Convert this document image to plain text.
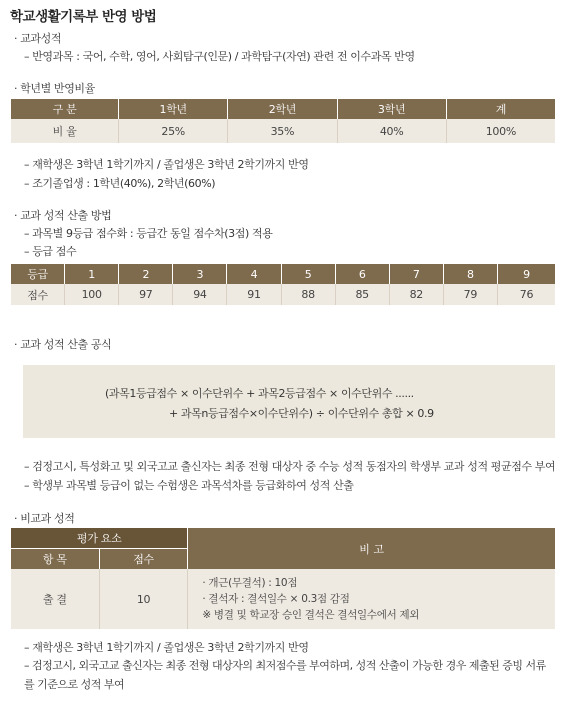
학교생활기록부 반영 방법
· 교과성적
– 반영과목 : 국어, 수학, 영어, 사회탐구(인문) / 과학탐구(자연) 관련 전 이수과목 반영
· 학년별 반영비율
구 분	1학년	2학년	3학년	계
비 율	25%	35%	40%	100%
– 재학생은 3학년 1학기까지 / 졸업생은 3학년 2학기까지 반영
– 조기졸업생 : 1학년(40%), 2학년(60%)
· 교과 성적 산출 방법
– 과목별 9등급 점수화 : 등급간 동일 점수차(3점) 적용
– 등급 점수
등급	1	2	3	4	5	6	7	8	9
점수	100	97	94	91	88	85	82	79	76
· 교과 성적 산출 공식
(과목1등급점수 × 이수단위수 + 과목2등급점수 × 이수단위수 ......
+ 과목n등급점수×이수단위수) ÷ 이수단위수 총합 × 0.9
– 검정고시, 특성화고 및 외국고교 출신자는 최종 전형 대상자 중 수능 성적 동점자의 학생부 교과 성적 평균점수 부여
– 학생부 과목별 등급이 없는 수험생은 과목석차를 등급화하여 성적 산출
· 비교과 성적
평가 요소		비 고
항 목	점수	
출 결	10	· 개근(무결석) : 10점
· 결석자 : 결석일수 × 0.3점 감점
※ 병결 및 학교장 승인 결석은 결석일수에서 제외
– 재학생은 3학년 1학기까지 / 졸업생은 3학년 2학기까지 반영
– 검정고시, 외국고교 출신자는 최종 전형 대상자의 최저점수를 부여하며, 성적 산출이 가능한 경우 제출된 증빙 서류를 기준으로 성적 부여
